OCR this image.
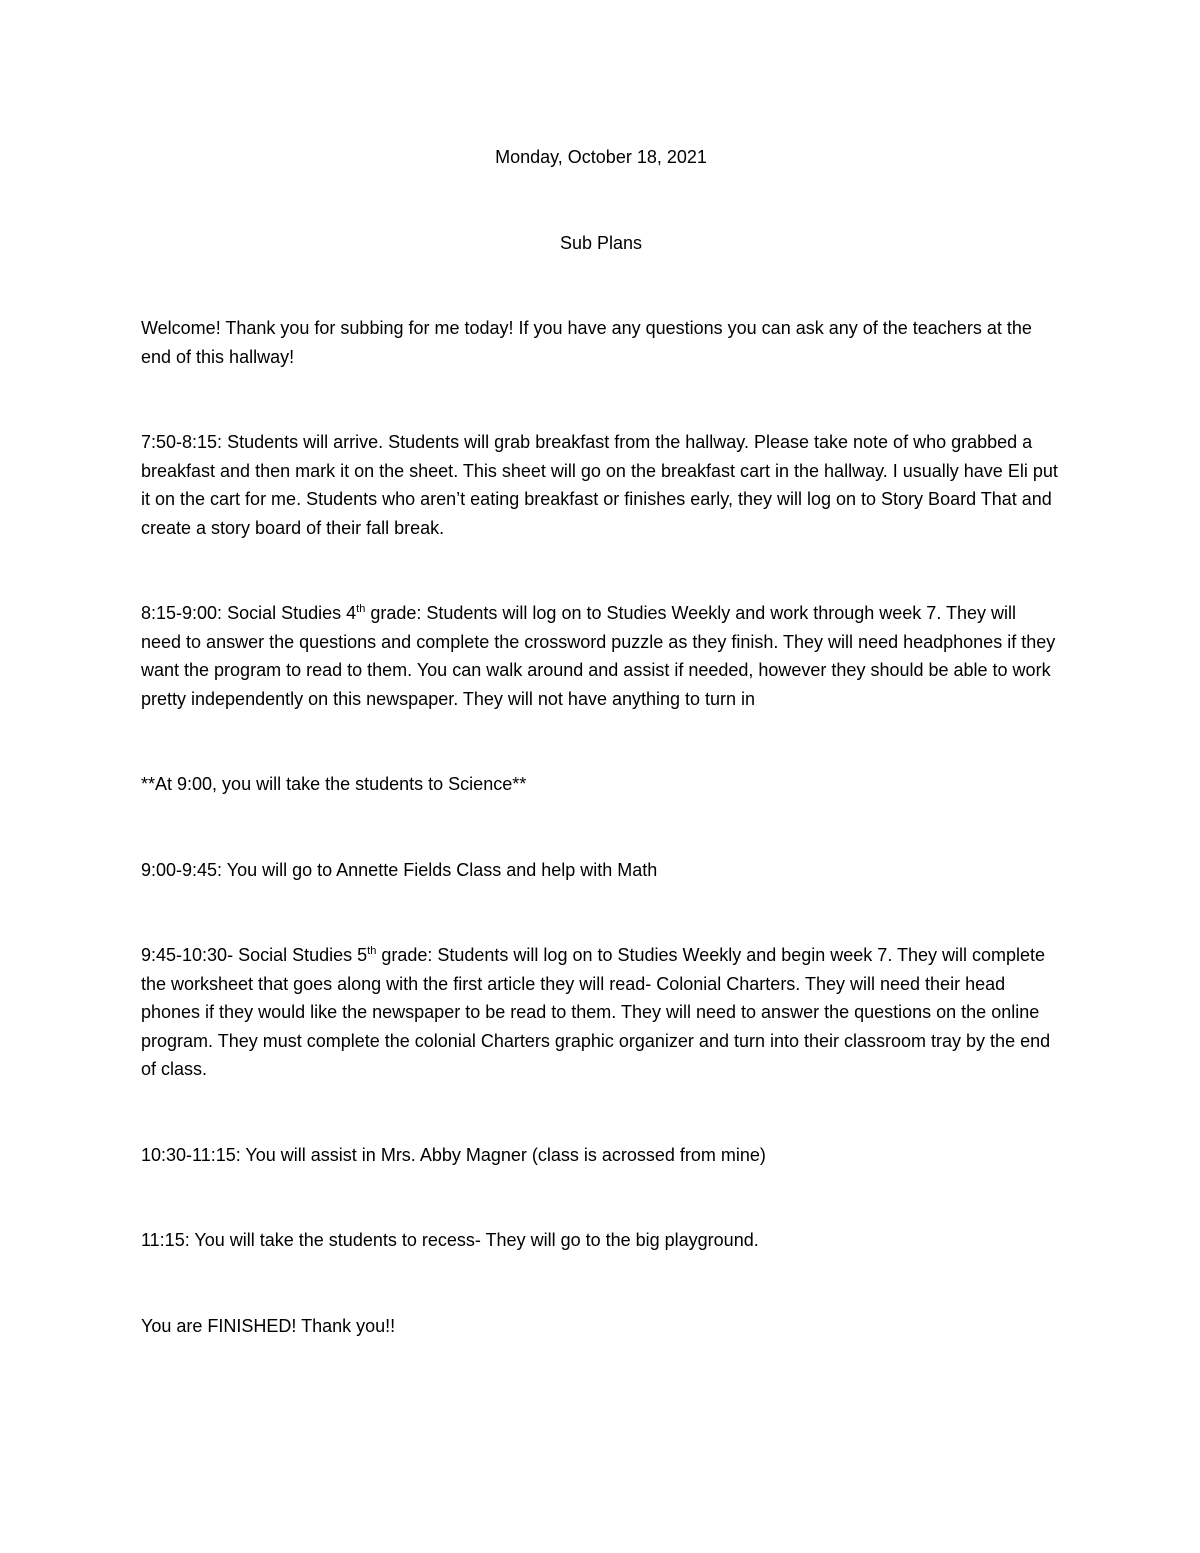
Monday, October 18, 2021

Sub Plans

Welcome! Thank you for subbing for me today! If you have any questions you can ask any of the teachers at the end of this hallway!

7:50-8:15: Students will arrive. Students will grab breakfast from the hallway. Please take note of who grabbed a breakfast and then mark it on the sheet. This sheet will go on the breakfast cart in the hallway. I usually have Eli put it on the cart for me. Students who aren’t eating breakfast or finishes early, they will log on to Story Board That and create a story board of their fall break.

8:15-9:00: Social Studies 4th grade: Students will log on to Studies Weekly and work through week 7. They will need to answer the questions and complete the crossword puzzle as they finish. They will need headphones if they want the program to read to them. You can walk around and assist if needed, however they should be able to work pretty independently on this newspaper. They will not have anything to turn in

**At 9:00, you will take the students to Science**

9:00-9:45: You will go to Annette Fields Class and help with Math

9:45-10:30- Social Studies 5th grade: Students will log on to Studies Weekly and begin week 7. They will complete the worksheet that goes along with the first article they will read- Colonial Charters. They will need their head phones if they would like the newspaper to be read to them. They will need to answer the questions on the online program. They must complete the colonial Charters graphic organizer and turn into their classroom tray by the end of class.

10:30-11:15: You will assist in Mrs. Abby Magner (class is acrossed from mine)

11:15: You will take the students to recess- They will go to the big playground.

You are FINISHED! Thank you!!
